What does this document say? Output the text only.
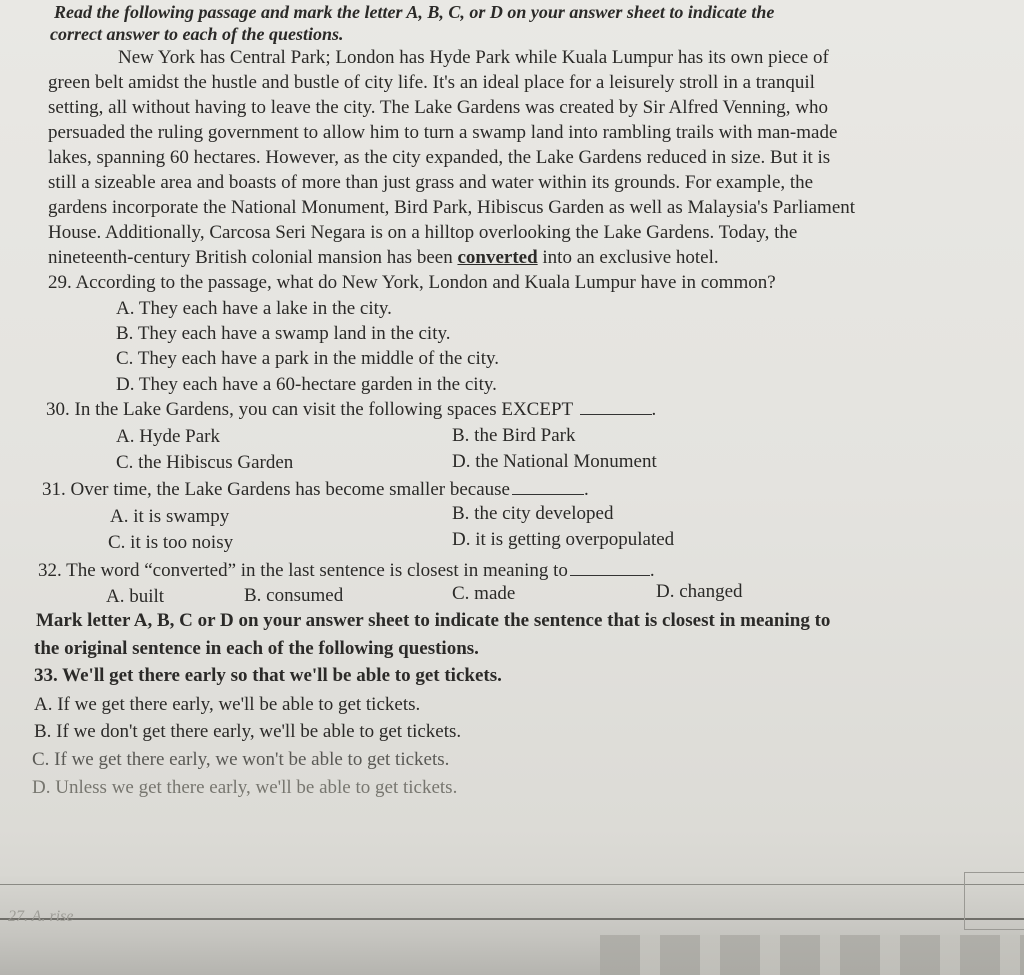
Read the following passage and mark the letter A, B, C, or D on your answer sheet to indicate the
correct answer to each of the questions.
New York has Central Park; London has Hyde Park while Kuala Lumpur has its own piece of
green belt amidst the hustle and bustle of city life. It's an ideal place for a leisurely stroll in a tranquil
setting, all without having to leave the city. The Lake Gardens was created by Sir Alfred Venning, who
persuaded the ruling government to allow him to turn a swamp land into rambling trails with man-made
lakes, spanning 60 hectares. However, as the city expanded, the Lake Gardens reduced in size. But it is
still a sizeable area and boasts of more than just grass and water within its grounds. For example, the
gardens incorporate the National Monument, Bird Park, Hibiscus Garden as well as Malaysia's Parliament
House. Additionally, Carcosa Seri Negara is on a hilltop overlooking the Lake Gardens. Today, the
nineteenth-century British colonial mansion has been converted into an exclusive hotel.
29. According to the passage, what do New York, London and Kuala Lumpur have in common?
A. They each have a lake in the city.
B. They each have a swamp land in the city.
C. They each have a park in the middle of the city.
D. They each have a 60-hectare garden in the city.
30. In the Lake Gardens, you can visit the following spaces EXCEPT	.
A. Hyde Park	B. the Bird Park
C. the Hibiscus Garden	D. the National Monument
31. Over time, the Lake Gardens has become smaller because	.
A. it is swampy	B. the city developed
C. it is too noisy	D. it is getting overpopulated
32. The word “converted” in the last sentence is closest in meaning to	.
A. built	B. consumed	C. made	D. changed
Mark letter A, B, C or D on your answer sheet to indicate the sentence that is closest in meaning to
the original sentence in each of the following questions.
33. We'll get there early so that we'll be able to get tickets.
A. If we get there early, we'll be able to get tickets.
B. If we don't get there early, we'll be able to get tickets.
C. If we get there early, we won't be able to get tickets.
D. Unless we get there early, we'll be able to get tickets.
27. A. rise
